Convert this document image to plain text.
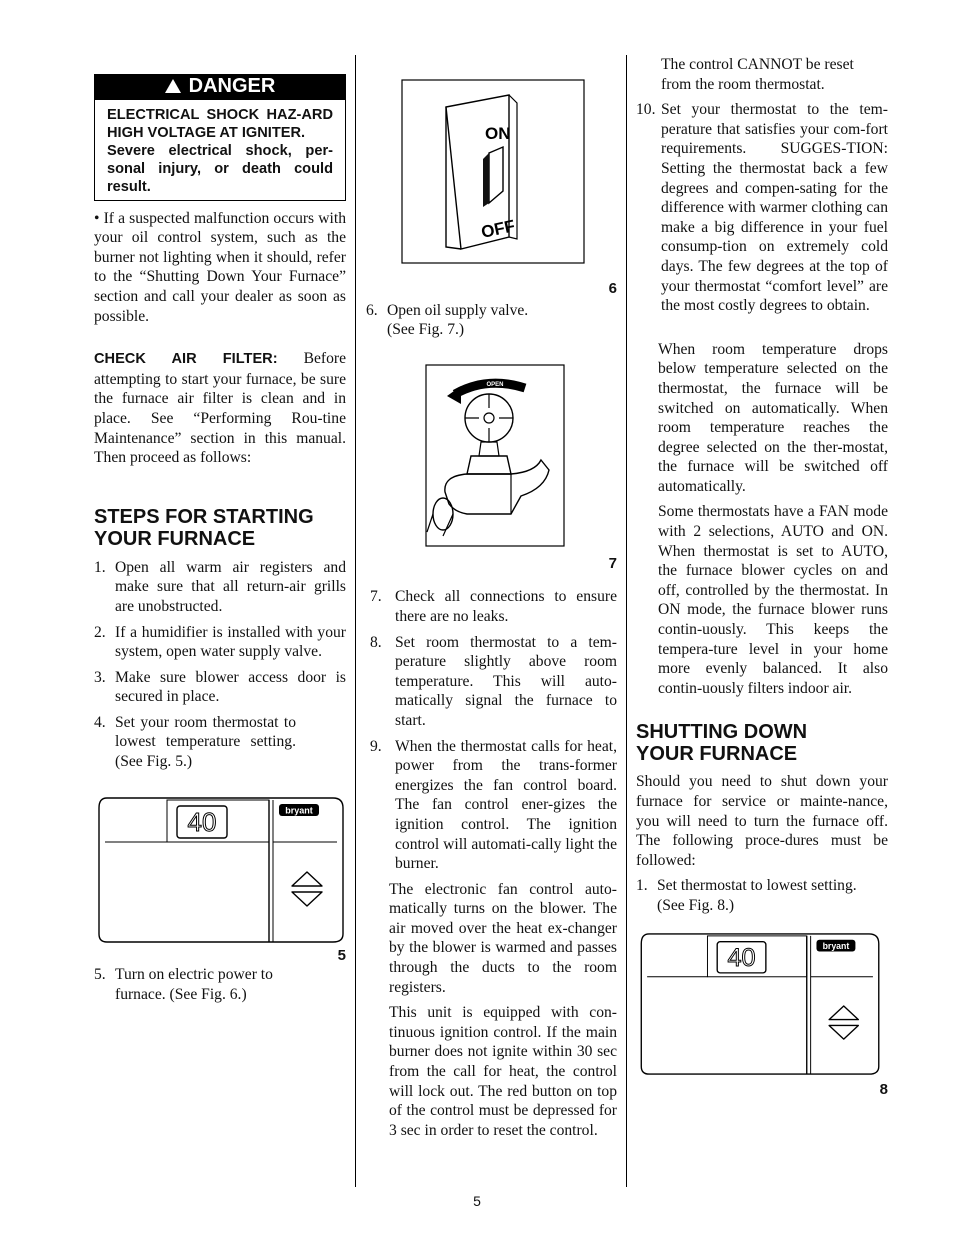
DANGER
ELECTRICAL SHOCK HAZ-ARD HIGH VOLTAGE AT IGNITER.
Severe electrical shock, per-sonal injury, or death could result.

• If a suspected malfunction occurs with your oil control system, such as the burner not lighting when it should, refer to the “Shutting Down Your Furnace” section and call your dealer as soon as possible.

CHECK AIR FILTER: Before attempting to start your furnace, be sure the furnace air filter is clean and in place. See “Performing Rou-tine Maintenance” section in this manual. Then proceed as follows:

STEPS FOR STARTING YOUR FURNACE
1. Open all warm air registers and make sure that all return-air grills are unobstructed.
2. If a humidifier is installed with your system, open water supply valve.
3. Make sure blower access door is secured in place.
4. Set your room thermostat to lowest temperature setting. (See Fig. 5.)
40	bryant
5
5. Turn on electric power to furnace. (See Fig. 6.)
ON
OFF
6
6. Open oil supply valve. (See Fig. 7.)
OPEN
7
7. Check all connections to ensure there are no leaks.
8. Set room thermostat to a tem-perature slightly above room temperature. This will auto-matically signal the furnace to start.
9. When the thermostat calls for heat, power from the trans-former energizes the fan control board. The fan control ener-gizes the ignition control. The ignition control will automati-cally light the burner.

The electronic fan control auto-matically turns on the blower. The air moved over the heat ex-changer by the blower is warmed and passes through the ducts to the room registers.

This unit is equipped with con-tinuous ignition control. If the main burner does not ignite within 30 sec from the call for heat, the control will lock out. The red button on top of the control must be depressed for 3 sec in order to reset the control.

The control CANNOT be reset from the room thermostat.

10. Set your thermostat to the tem-perature that satisfies your com-fort requirements. SUGGES-TION: Setting the thermostat back a few degrees and compen-sating for the difference with warmer clothing can make a big difference in your fuel consump-tion on extremely cold days. The few degrees at the top of your thermostat “comfort level” are the most costly degrees to obtain.

When room temperature drops below temperature selected on the thermostat, the furnace will be switched on automatically. When room temperature reaches the degree selected on the ther-mostat, the furnace will be switched off automatically.

Some thermostats have a FAN mode with 2 selections, AUTO and ON. When thermostat is set to AUTO, the furnace blower cycles on and off, controlled by the thermostat. In ON mode, the furnace blower runs contin-uously. This keeps the tempera-ture level in your home more evenly balanced. It also contin-uously filters indoor air.

SHUTTING DOWN YOUR FURNACE

Should you need to shut down your furnace for service or mainte-nance, you will need to turn the furnace off. The following proce-dures must be followed:

1. Set thermostat to lowest setting. (See Fig. 8.)
40	bryant
8
5
